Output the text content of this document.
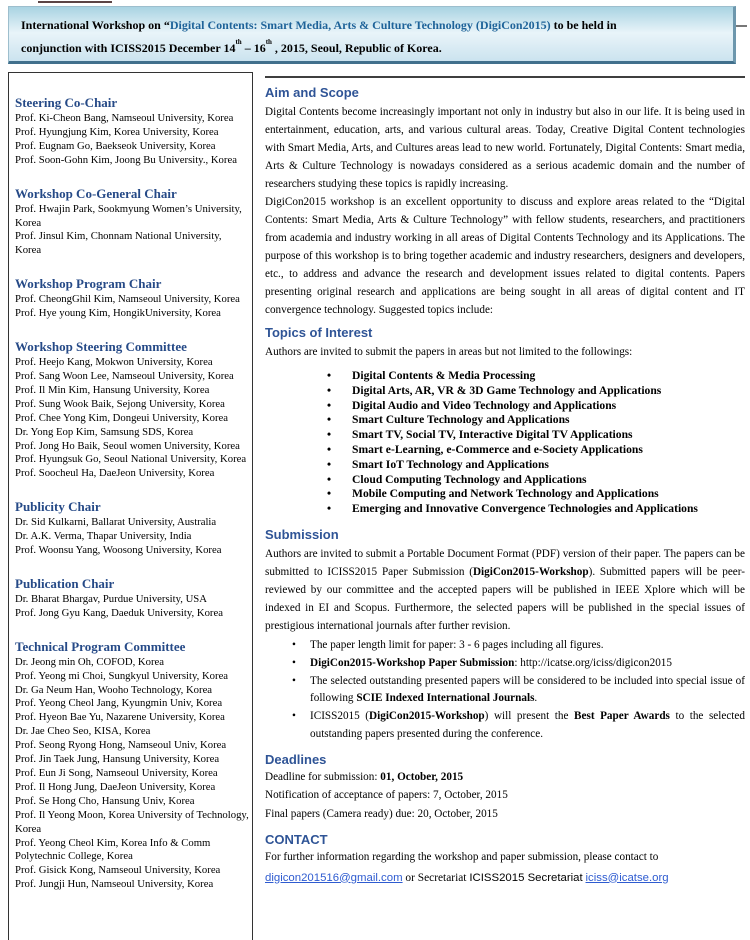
International Workshop on “Digital Contents: Smart Media, Arts & Culture Technology (DigiCon2015) to be held in
conjunction with ICISS2015 December 14th – 16th , 2015, Seoul, Republic of Korea.

Steering Co-Chair

Prof. Ki-Cheon Bang, Namseoul University, Korea

Prof. Hyungjung Kim, Korea University, Korea

Prof. Eugnam Go, Baekseok University, Korea

Prof. Soon-Gohn Kim, Joong Bu University., Korea

Workshop Co-General Chair

Prof. Hwajin Park, Sookmyung Women’s University, Korea

Prof. Jinsul Kim, Chonnam National University, Korea

Workshop Program Chair

Prof. CheongGhil Kim, Namseoul University, Korea

Prof. Hye young Kim, HongikUniversity, Korea

Workshop Steering Committee

Prof. Heejo Kang, Mokwon University, Korea

Prof. Sang Woon Lee, Namseoul University, Korea

Prof. Il Min Kim, Hansung University, Korea

Prof. Sung Wook Baik, Sejong University, Korea

Prof. Chee Yong Kim, Dongeui University, Korea

Dr. Yong Eop Kim, Samsung SDS, Korea

Prof. Jong Ho Baik, Seoul women University, Korea

Prof. Hyungsuk Go, Seoul National University, Korea

Prof. Soocheul Ha, DaeJeon University, Korea

Publicity Chair

Dr. Sid Kulkarni, Ballarat University, Australia

Dr. A.K. Verma, Thapar University, India

Prof. Woonsu Yang, Woosong University, Korea

Publication Chair

Dr. Bharat Bhargav, Purdue University, USA

Prof. Jong Gyu Kang, Daeduk University, Korea

Technical Program Committee

Dr. Jeong min Oh, COFOD, Korea

Prof. Yeong mi Choi, Sungkyul University, Korea

Dr. Ga Neum Han, Wooho Technology, Korea

Prof. Yeong Cheol Jang, Kyungmin Univ, Korea

Prof. Hyeon Bae Yu, Nazarene University, Korea

Dr. Jae Cheo Seo, KISA, Korea

Prof. Seong Ryong Hong, Namseoul Univ, Korea

Prof. Jin Taek Jung, Hansung University, Korea

Prof. Eun Ji Song, Namseoul University, Korea

Prof. Il Hong Jung, DaeJeon University, Korea

Prof. Se Hong Cho, Hansung Univ, Korea

Prof. Il Yeong Moon, Korea University of Technology, Korea

Prof. Yeong Cheol Kim, Korea Info & Comm Polytechnic College, Korea

Prof. Gisick Kong, Namseoul University, Korea

Prof. Jungji Hun, Namseoul University, Korea

Aim and Scope

Digital Contents become increasingly important not only in industry but also in our life. It is being used in entertainment, education, arts, and various cultural areas. Today, Creative Digital Content technologies with Smart Media, Arts, and Cultures areas lead to new world. Fortunately, Digital Contents: Smart media, Arts & Culture Technology is nowadays considered as a serious academic domain and the number of researchers studying these topics is rapidly increasing.

DigiCon2015 workshop is an excellent opportunity to discuss and explore areas related to the “Digital Contents: Smart Media, Arts & Culture Technology” with fellow students, researchers, and practitioners from academia and industry working in all areas of Digital Contents Technology and its Applications. The purpose of this workshop is to bring together academic and industry researchers, designers and developers, etc., to address and advance the research and development issues related to digital contents. Papers presenting original research and applications are being sought in all areas of digital content and IT convergence technology. Suggested topics include:

Topics of Interest

Authors are invited to submit the papers in areas but not limited to the followings:

•	Digital Contents & Media Processing
•	Digital Arts, AR, VR & 3D Game Technology and Applications
•	Digital Audio and Video Technology and Applications
•	Smart Culture Technology and Applications
•	Smart TV, Social TV, Interactive Digital TV Applications
•	Smart e-Learning, e-Commerce and e-Society Applications
•	Smart IoT Technology and Applications
•	Cloud Computing Technology and Applications
•	Mobile Computing and Network Technology and Applications
•	Emerging and Innovative Convergence Technologies and Applications
Submission

Authors are invited to submit a Portable Document Format (PDF) version of their paper. The papers can be submitted to ICISS2015 Paper Submission (DigiCon2015-Workshop). Submitted papers will be peer-reviewed by our committee and the accepted papers will be published in IEEE Xplore which will be indexed in EI and Scopus. Furthermore, the selected papers will be published in the special issues of prestigious international journals after further revision.

•	The paper length limit for paper: 3 - 6 pages including all figures.
•	DigiCon2015-Workshop Paper Submission: http://icatse.org/iciss/digicon2015
•	The selected outstanding presented papers will be considered to be included into special issue of following SCIE Indexed International Journals.
•	ICISS2015 (DigiCon2015-Workshop) will present the Best Paper Awards to the selected outstanding papers presented during the conference.
Deadlines

Deadline for submission: 01, October, 2015

Notification of acceptance of papers: 7, October, 2015

Final papers (Camera ready) due: 20, October, 2015

CONTACT

For further information regarding the workshop and paper submission, please contact to

digicon201516@gmail.com or Secretariat ICISS2015 Secretariat iciss@icatse.org
